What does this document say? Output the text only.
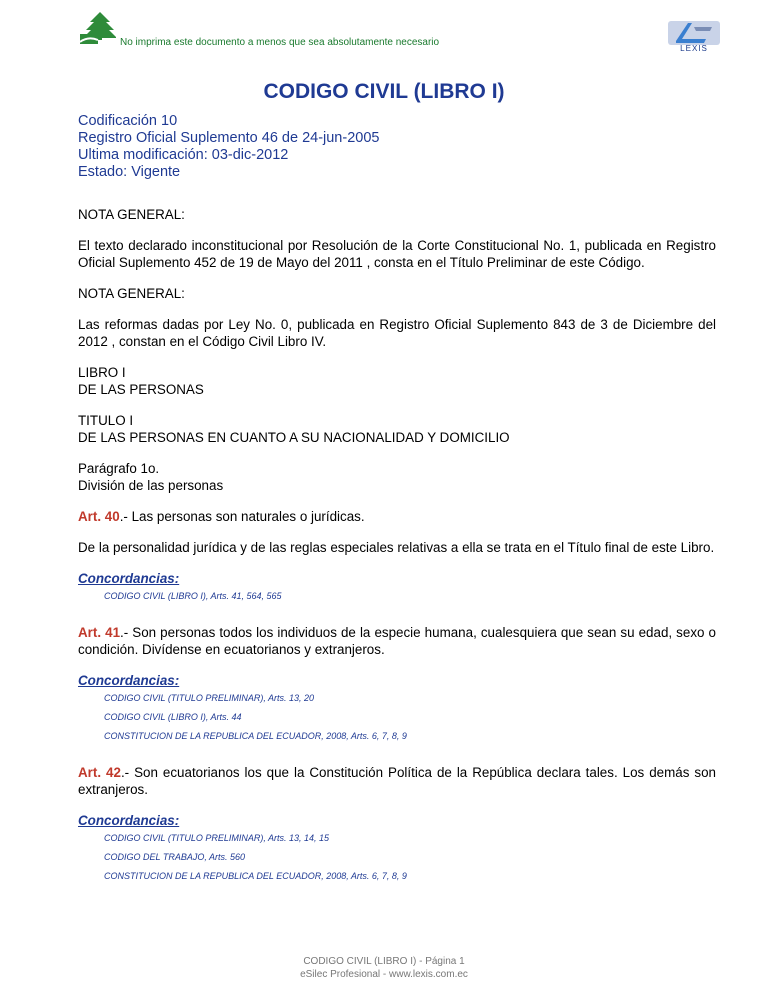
No imprima este documento a menos que sea absolutamente necesario
LEXIS
CODIGO CIVIL (LIBRO I)
Codificación 10
Registro Oficial Suplemento 46 de 24-jun-2005
Ultima modificación: 03-dic-2012
Estado: Vigente

NOTA GENERAL:

El texto declarado inconstitucional por Resolución de la Corte Constitucional No. 1, publicada en Registro Oficial Suplemento 452 de 19 de Mayo del 2011 , consta en el Título Preliminar de este Código.

NOTA GENERAL:

Las reformas dadas por Ley No. 0, publicada en Registro Oficial Suplemento 843 de 3 de Diciembre del 2012 , constan en el Código Civil Libro IV.

LIBRO I
DE LAS PERSONAS

TITULO I
DE LAS PERSONAS EN CUANTO A SU NACIONALIDAD Y DOMICILIO

Parágrafo 1o.
División de las personas

Art. 40.- Las personas son naturales o jurídicas.

De la personalidad jurídica y de las reglas especiales relativas a ella se trata en el Título final de este Libro.

Concordancias:
CODIGO CIVIL (LIBRO I), Arts. 41, 564, 565

Art. 41.- Son personas todos los individuos de la especie humana, cualesquiera que sean su edad, sexo o condición. Divídense en ecuatorianos y extranjeros.

Concordancias:
CODIGO CIVIL (TITULO PRELIMINAR), Arts. 13, 20
CODIGO CIVIL (LIBRO I), Arts. 44
CONSTITUCION DE LA REPUBLICA DEL ECUADOR, 2008, Arts. 6, 7, 8, 9

Art. 42.- Son ecuatorianos los que la Constitución Política de la República declara tales. Los demás son extranjeros.

Concordancias:
CODIGO CIVIL (TITULO PRELIMINAR), Arts. 13, 14, 15
CODIGO DEL TRABAJO, Arts. 560
CONSTITUCION DE LA REPUBLICA DEL ECUADOR, 2008, Arts. 6, 7, 8, 9
CODIGO CIVIL (LIBRO I) - Página 1
eSilec Profesional - www.lexis.com.ec
